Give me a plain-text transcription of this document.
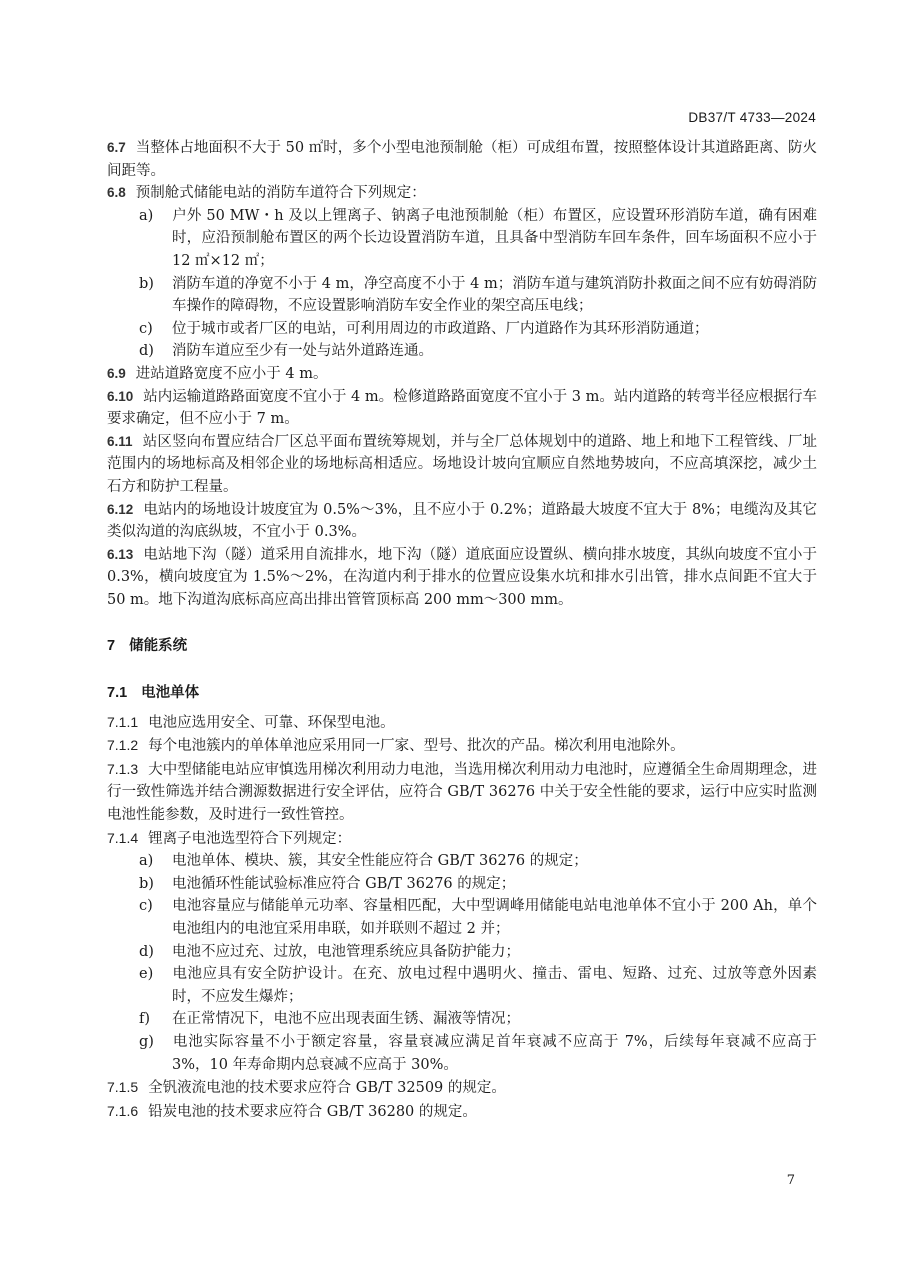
DB37/T 4733—2024

6.7 当整体占地面积不大于 50 ㎡时，多个小型电池预制舱（柜）可成组布置，按照整体设计其道路距离、防火间距等。

6.8 预制舱式储能电站的消防车道符合下列规定：

a) 户外 50 MW・h 及以上锂离子、钠离子电池预制舱（柜）布置区，应设置环形消防车道，确有困难时，应沿预制舱布置区的两个长边设置消防车道，且具备中型消防车回车条件，回车场面积不应小于 12 ㎡×12 ㎡；

b) 消防车道的净宽不小于 4 m，净空高度不小于 4 m；消防车道与建筑消防扑救面之间不应有妨碍消防车操作的障碍物，不应设置影响消防车安全作业的架空高压电线；

c) 位于城市或者厂区的电站，可利用周边的市政道路、厂内道路作为其环形消防通道；

d) 消防车道应至少有一处与站外道路连通。

6.9 进站道路宽度不应小于 4 m。

6.10 站内运输道路路面宽度不宜小于 4 m。检修道路路面宽度不宜小于 3 m。站内道路的转弯半径应根据行车要求确定，但不应小于 7 m。

6.11 站区竖向布置应结合厂区总平面布置统筹规划，并与全厂总体规划中的道路、地上和地下工程管线、厂址范围内的场地标高及相邻企业的场地标高相适应。场地设计坡向宜顺应自然地势坡向，不应高填深挖，减少土石方和防护工程量。

6.12 电站内的场地设计坡度宜为 0.5%～3%，且不应小于 0.2%；道路最大坡度不宜大于 8%；电缆沟及其它类似沟道的沟底纵坡，不宜小于 0.3%。

6.13 电站地下沟（隧）道采用自流排水，地下沟（隧）道底面应设置纵、横向排水坡度，其纵向坡度不宜小于 0.3%，横向坡度宜为 1.5%～2%，在沟道内利于排水的位置应设集水坑和排水引出管，排水点间距不宜大于 50 m。地下沟道沟底标高应高出排出管管顶标高 200 mm～300 mm。

7 储能系统

7.1 电池单体

7.1.1 电池应选用安全、可靠、环保型电池。

7.1.2 每个电池簇内的单体单池应采用同一厂家、型号、批次的产品。梯次利用电池除外。

7.1.3 大中型储能电站应审慎选用梯次利用动力电池，当选用梯次利用动力电池时，应遵循全生命周期理念，进行一致性筛选并结合溯源数据进行安全评估，应符合 GB/T 36276 中关于安全性能的要求，运行中应实时监测电池性能参数，及时进行一致性管控。

7.1.4 锂离子电池选型符合下列规定：

a) 电池单体、模块、簇，其安全性能应符合 GB/T 36276 的规定；

b) 电池循环性能试验标准应符合 GB/T 36276 的规定；

c) 电池容量应与储能单元功率、容量相匹配，大中型调峰用储能电站电池单体不宜小于 200 Ah，单个电池组内的电池宜采用串联，如并联则不超过 2 并；

d) 电池不应过充、过放，电池管理系统应具备防护能力；

e) 电池应具有安全防护设计。在充、放电过程中遇明火、撞击、雷电、短路、过充、过放等意外因素时，不应发生爆炸；

f) 在正常情况下，电池不应出现表面生锈、漏液等情况；

g) 电池实际容量不小于额定容量，容量衰减应满足首年衰减不应高于 7%，后续每年衰减不应高于 3%，10 年寿命期内总衰减不应高于 30%。

7.1.5 全钒液流电池的技术要求应符合 GB/T 32509 的规定。

7.1.6 铅炭电池的技术要求应符合 GB/T 36280 的规定。

7
